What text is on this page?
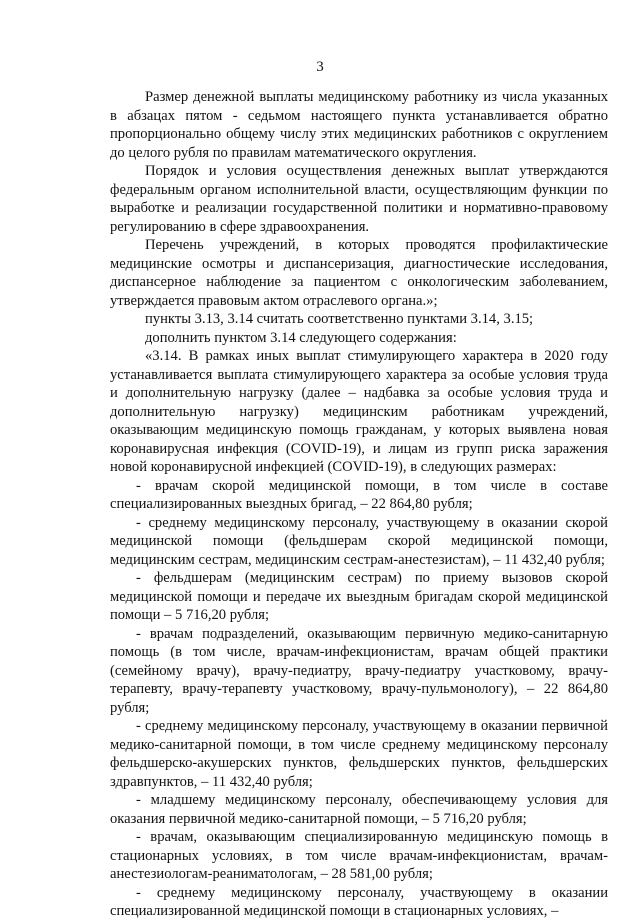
3

Размер денежной выплаты медицинскому работнику из числа указанных в абзацах пятом - седьмом настоящего пункта устанавливается обратно пропорционально общему числу этих медицинских работников с округлением до целого рубля по правилам математического округления.

Порядок и условия осуществления денежных выплат утверждаются федеральным органом исполнительной власти, осуществляющим функции по выработке и реализации государственной политики и нормативно-правовому регулированию в сфере здравоохранения.

Перечень учреждений, в которых проводятся профилактические медицинские осмотры и диспансеризация, диагностические исследования, диспансерное наблюдение за пациентом с онкологическим заболеванием, утверждается правовым актом отраслевого органа.»;

пункты 3.13, 3.14 считать соответственно пунктами 3.14, 3.15;

дополнить пунктом 3.14 следующего содержания:

«3.14. В рамках иных выплат стимулирующего характера в 2020 году устанавливается выплата стимулирующего характера за особые условия труда и дополнительную нагрузку (далее – надбавка за особые условия труда и дополнительную нагрузку) медицинским работникам учреждений, оказывающим медицинскую помощь гражданам, у которых выявлена новая коронавирусная инфекция (COVID-19), и лицам из групп риска заражения новой коронавирусной инфекцией (COVID-19), в следующих размерах:

- врачам скорой медицинской помощи, в том числе в составе специализированных выездных бригад, – 22 864,80 рубля;

- среднему медицинскому персоналу, участвующему в оказании скорой медицинской помощи (фельдшерам скорой медицинской помощи, медицинским сестрам, медицинским сестрам-анестезистам), – 11 432,40 рубля;

- фельдшерам (медицинским сестрам) по приему вызовов скорой медицинской помощи и передаче их выездным бригадам скорой медицинской помощи – 5 716,20 рубля;

- врачам подразделений, оказывающим первичную медико-санитарную помощь (в том числе, врачам-инфекционистам, врачам общей практики (семейному врачу), врачу-педиатру, врачу-педиатру участковому, врачу-терапевту, врачу-терапевту участковому, врачу-пульмонологу), – 22 864,80 рубля;

- среднему медицинскому персоналу, участвующему в оказании первичной медико-санитарной помощи, в том числе среднему медицинскому персоналу фельдшерско-акушерских пунктов, фельдшерских пунктов, фельдшерских здравпунктов, – 11 432,40 рубля;

- младшему медицинскому персоналу, обеспечивающему условия для оказания первичной медико-санитарной помощи, – 5 716,20 рубля;

- врачам, оказывающим специализированную медицинскую помощь в стационарных условиях, в том числе врачам-инфекционистам, врачам-анестезиологам-реаниматологам, – 28 581,00 рубля;

- среднему медицинскому персоналу, участвующему в оказании специализированной медицинской помощи в стационарных условиях, –
